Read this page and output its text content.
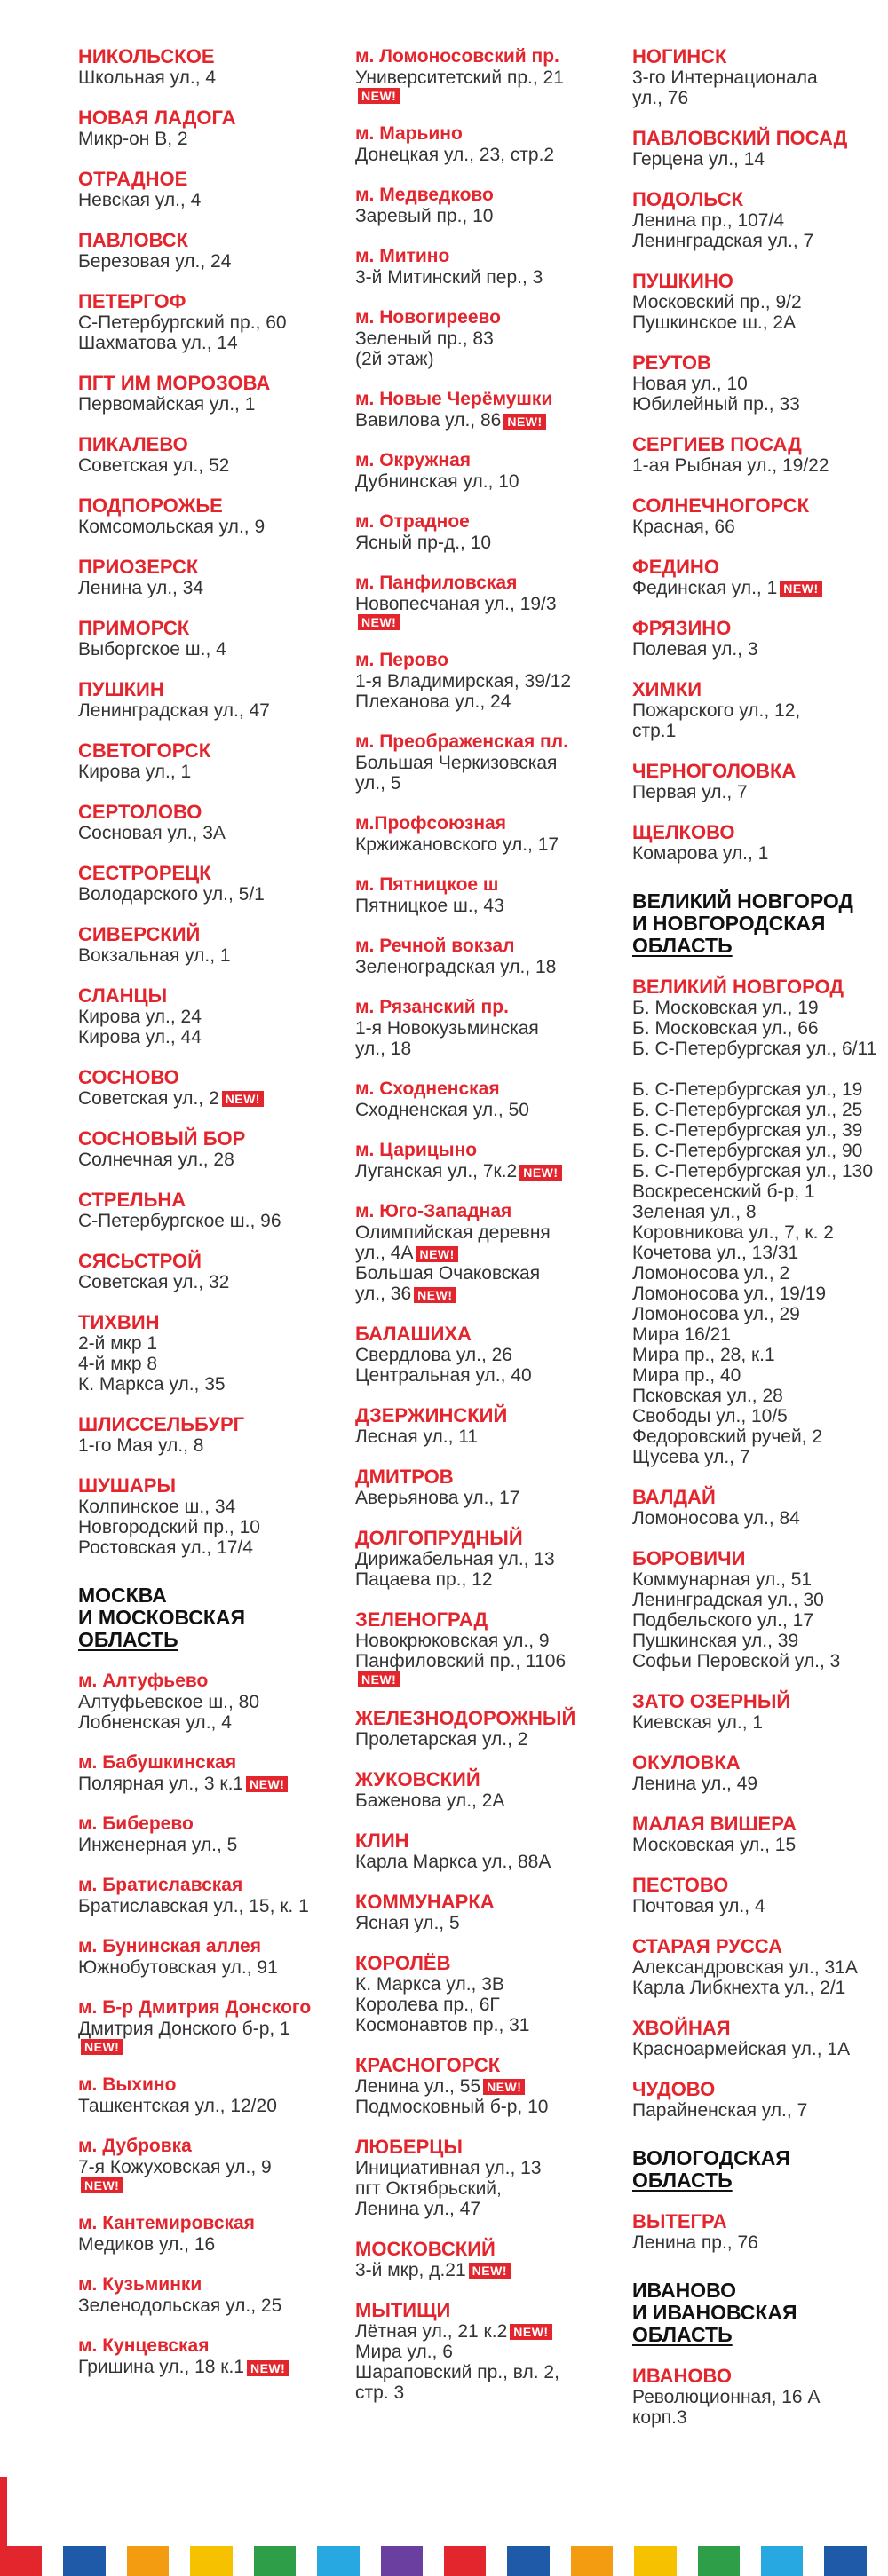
НИКОЛЬСКОЕ
Школьная ул., 4
НОВАЯ ЛАДОГА
Микр-он В, 2
ОТРАДНОЕ
Невская ул., 4
ПАВЛОВСК
Березовая ул., 24
ПЕТЕРГОФ
С-Петербургский пр., 60
Шахматова ул., 14
ПГТ ИМ МОРОЗОВА
Первомайская ул., 1
ПИКАЛЕВО
Советская ул., 52
ПОДПОРОЖЬЕ
Комсомольская ул., 9
ПРИОЗЕРСК
Ленина ул., 34
ПРИМОРСК
Выборгское ш., 4
ПУШКИН
Ленинградская ул., 47
СВЕТОГОРСК
Кирова ул., 1
СЕРТОЛОВО
Сосновая ул., 3А
СЕСТРОРЕЦК
Володарского ул., 5/1
СИВЕРСКИЙ
Вокзальная ул., 1
СЛАНЦЫ
Кирова ул., 24
Кирова ул., 44
СОСНОВО
Советская ул., 2NEW!
СОСНОВЫЙ БОР
Солнечная ул., 28
СТРЕЛЬНА
С-Петербургское ш., 96
СЯСЬСТРОЙ
Советская ул., 32
ТИХВИН
2-й мкр 1
4-й мкр 8
К. Маркса ул., 35
ШЛИССЕЛЬБУРГ
1-го Мая ул., 8
ШУШАРЫ
Колпинское ш., 34
Новгородский пр., 10
Ростовская ул., 17/4
МОСКВА
И МОСКОВСКАЯ
ОБЛАСТЬ
м. Алтуфьево
Алтуфьевское ш., 80
Лобненская ул., 4
м. Бабушкинская
Полярная ул., 3 к.1NEW!
м. Биберево
Инженерная ул., 5
м. Братиславская
Братиславская ул., 15, к. 1
м. Бунинская аллея
Южнобутовская ул., 91
м. Б-р Дмитрия Донского
Дмитрия Донского б-р, 1
NEW!
м. Выхино
Ташкентская ул., 12/20
м. Дубровка
7-я Кожуховская ул., 9
NEW!
м. Кантемировская
Медиков ул., 16
м. Кузьминки
Зеленодольская ул., 25
м. Кунцевская
Гришина ул., 18 к.1NEW!
м. Ломоносовский пр.
Университетский пр., 21
NEW!
м. Марьино
Донецкая ул., 23, стр.2
м. Медведково
Заревый пр., 10
м. Митино
3-й Митинский пер., 3
м. Новогиреево
Зеленый пр., 83
(2й этаж)
м. Новые Черёмушки
Вавилова ул., 86NEW!
м. Окружная
Дубнинская ул., 10
м. Отрадное
Ясный пр-д., 10
м. Панфиловская
Новопесчаная ул., 19/3
NEW!
м. Перово
1-я Владимирская, 39/12
Плеханова ул., 24
м. Преображенская пл.
Большая Черкизовская
ул., 5
м.Профсоюзная
Кржижановского ул., 17
м. Пятницкое ш
Пятницкое ш., 43
м. Речной вокзал
Зеленоградская ул., 18
м. Рязанский пр.
1-я Новокузьминская
ул., 18
м. Сходненская
Сходненская ул., 50
м. Царицыно
Луганская ул., 7к.2NEW!
м. Юго-Западная
Олимпийская деревня
ул., 4АNEW!
Большая Очаковская
ул., 36NEW!
БАЛАШИХА
Свердлова ул., 26
Центральная ул., 40
ДЗЕРЖИНСКИЙ
Лесная ул., 11
ДМИТРОВ
Аверьянова ул., 17
ДОЛГОПРУДНЫЙ
Дирижабельная ул., 13
Пацаева пр., 12
ЗЕЛЕНОГРАД
Новокрюковская ул., 9
Панфиловский пр., 1106
NEW!
ЖЕЛЕЗНОДОРОЖНЫЙ
Пролетарская ул., 2
ЖУКОВСКИЙ
Баженова ул., 2А
КЛИН
Карла Маркса ул., 88А
КОММУНАРКА
Ясная ул., 5
КОРОЛЁВ
К. Маркса ул., 3В
Королева пр., 6Г
Космонавтов пр., 31
КРАСНОГОРСК
Ленина ул., 55NEW!
Подмосковный б-р, 10
ЛЮБЕРЦЫ
Инициативная ул., 13
пгт Октябрьский,
Ленина ул., 47
МОСКОВСКИЙ
3-й мкр, д.21NEW!
МЫТИЩИ
Лётная ул., 21 к.2NEW!
Мира ул., 6
Шараповский пр., вл. 2,
стр. 3
НОГИНСК
3-го Интернационала
ул., 76
ПАВЛОВСКИЙ ПОСАД
Герцена ул., 14
ПОДОЛЬСК
Ленина пр., 107/4
Ленинградская ул., 7
ПУШКИНО
Московский пр., 9/2
Пушкинское ш., 2А
РЕУТОВ
Новая ул., 10
Юбилейный пр., 33
СЕРГИЕВ ПОСАД
1-ая Рыбная ул., 19/22
СОЛНЕЧНОГОРСК
Красная, 66
ФЕДИНО
Фединская ул., 1NEW!
ФРЯЗИНО
Полевая ул., 3
ХИМКИ
Пожарского ул., 12,
стр.1
ЧЕРНОГОЛОВКА
Первая ул., 7
ЩЕЛКОВО
Комарова ул., 1
ВЕЛИКИЙ НОВГОРОД
И НОВГОРОДСКАЯ
ОБЛАСТЬ
ВЕЛИКИЙ НОВГОРОД
Б. Московская ул., 19
Б. Московская ул., 66
Б. С-Петербургская ул., 6/11

Б. С-Петербургская ул., 19
Б. С-Петербургская ул., 25
Б. С-Петербургская ул., 39
Б. С-Петербургская ул., 90
Б. С-Петербургская ул., 130
Воскресенский б-р, 1
Зеленая ул., 8
Коровникова ул., 7, к. 2
Кочетова ул., 13/31
Ломоносова ул., 2
Ломоносова ул., 19/19
Ломоносова ул., 29
Мира 16/21
Мира пр., 28, к.1
Мира пр., 40
Псковская ул., 28
Свободы ул., 10/5
Федоровский ручей, 2
Щусева ул., 7
ВАЛДАЙ
Ломоносова ул., 84
БОРОВИЧИ
Коммунарная ул., 51
Ленинградская ул., 30
Подбельского ул., 17
Пушкинская ул., 39
Софьи Перовской ул., 3
ЗАТО ОЗЕРНЫЙ
Киевская ул., 1
ОКУЛОВКА
Ленина ул., 49
МАЛАЯ ВИШЕРА
Московская ул., 15
ПЕСТОВО
Почтовая ул., 4
СТАРАЯ РУССА
Александровская ул., 31А
Карла Либкнехта ул., 2/1
ХВОЙНАЯ
Красноармейская ул., 1А
ЧУДОВО
Парайненская ул., 7
ВОЛОГОДСКАЯ
ОБЛАСТЬ
ВЫТЕГРА
Ленина пр., 76
ИВАНОВО
И ИВАНОВСКАЯ
ОБЛАСТЬ
ИВАНОВО
Революционная, 16 А
корп.3
